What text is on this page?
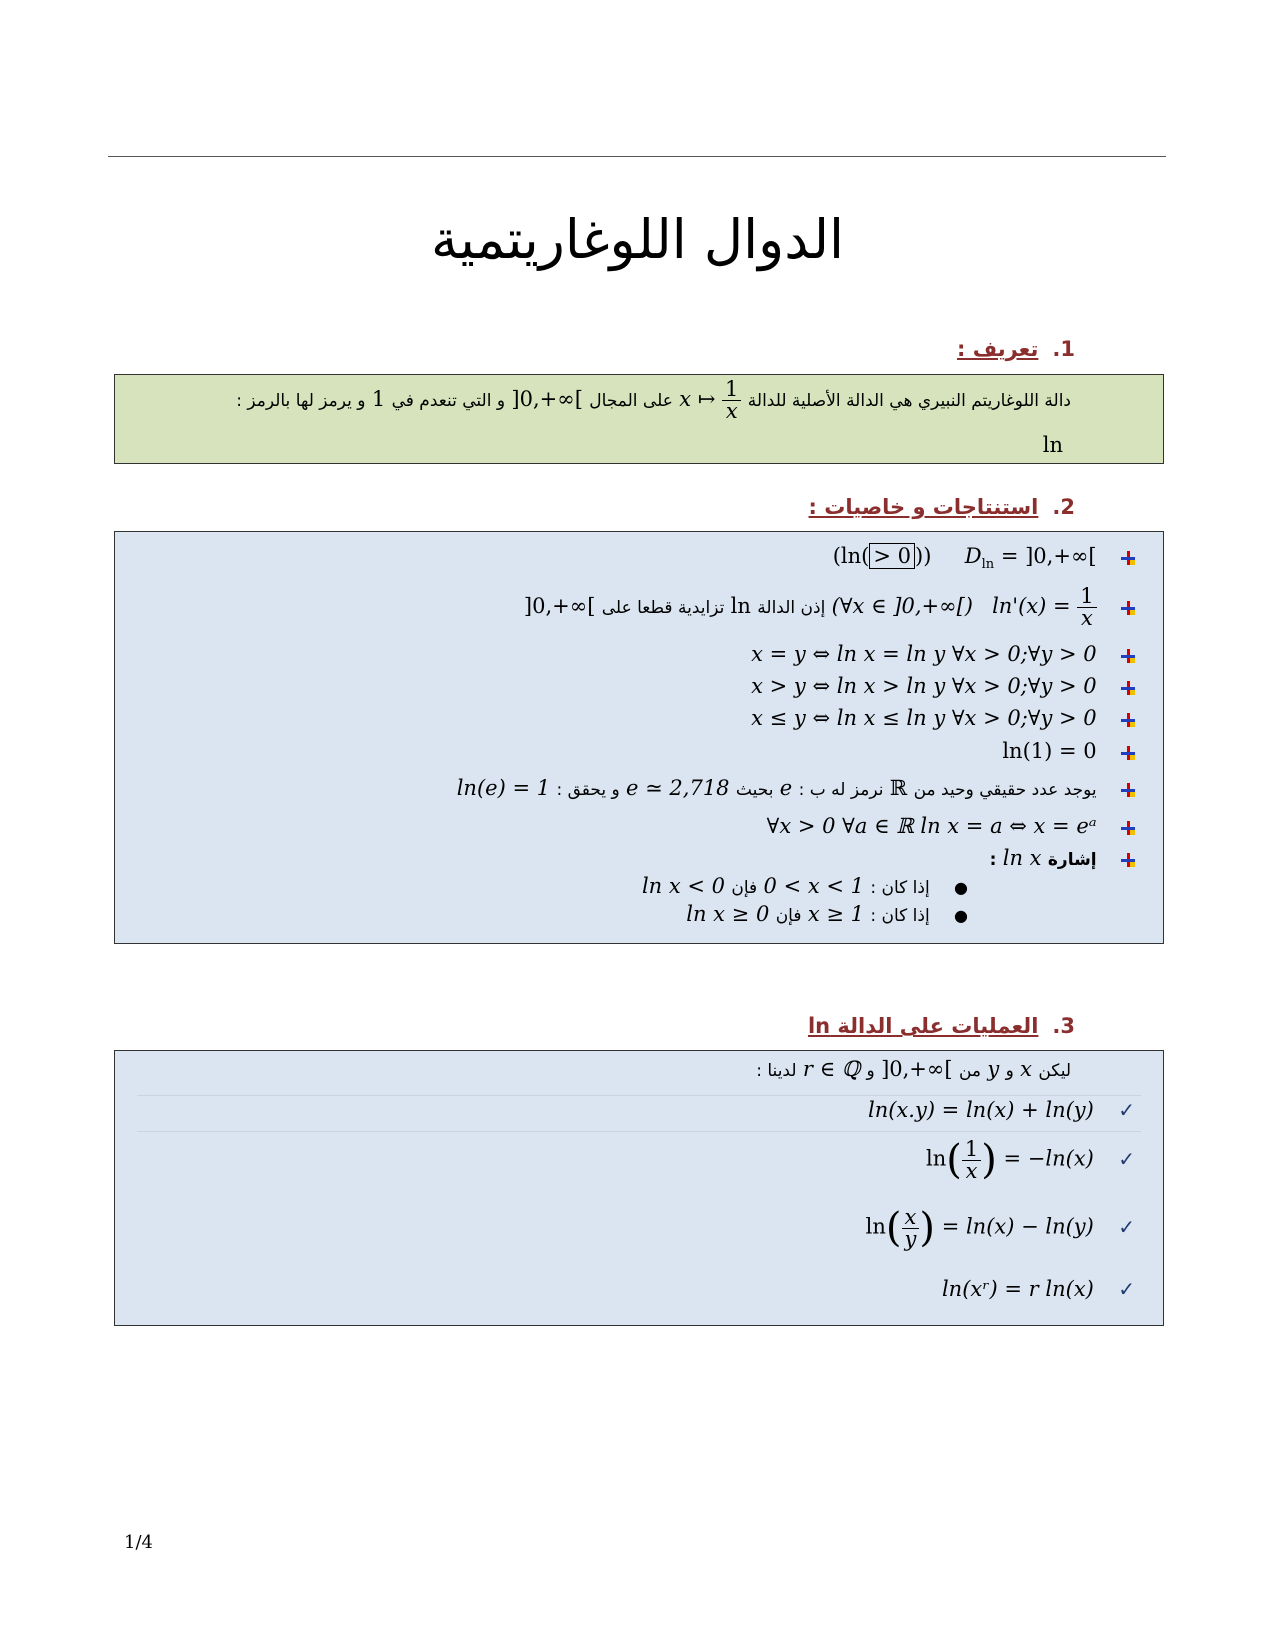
الدوال اللوغاريتمية
1.تعريف :
دالة اللوغاريتم النبيري هي الدالة الأصلية للدالة x ↦ $\frac{1}{x}$
على المجال ]0,+∞[ و التي تنعدم في 1 و يرمز لها بالرمز :
ln
2.استنتاجات و خاصيات :
(ln( > 0 )) $D_{ln} = ]0,+\infty$[
$\ln'(x) = \frac{1}{x}$
(∀x ∈ ]0,+∞[) إذن الدالة ln تزايدية قطعا على ]0,+∞[
x = y ⇔ ln x = ln y ∀x > 0;∀y > 0
x > y ⇔ ln x > ln y ∀x > 0;∀y > 0
x ≤ y ⇔ ln x ≤ ln y ∀x > 0;∀y > 0
ln(1) = 0
يوجد عدد حقيقي وحيد من ℝ نرمز له ب : e بحيث e ≃ 2,718 و يحقق : ln(e) = 1
∀x > 0 ∀a ∈ ℝ ln x = a ⇔ x = eᵃ
إشارة ln x :
● إذا كان : 0 < x < 1 فإن ln x < 0
● إذا كان : x ≥ 1 فإن ln x ≥ 0
3.العمليات على الدالة ln
ليكن x و y من ]0,+∞[ و r ∈ ℚ لدينا :
✓ ln(x.y) = ln(x) + ln(y)
✓ $\ln( \frac{1}{x}$ ) = −ln(x)
✓ $\ln( \frac{x}{y}$ ) = ln(x) − ln(y)
✓ ln(xʳ) = r ln(x)
1/4
